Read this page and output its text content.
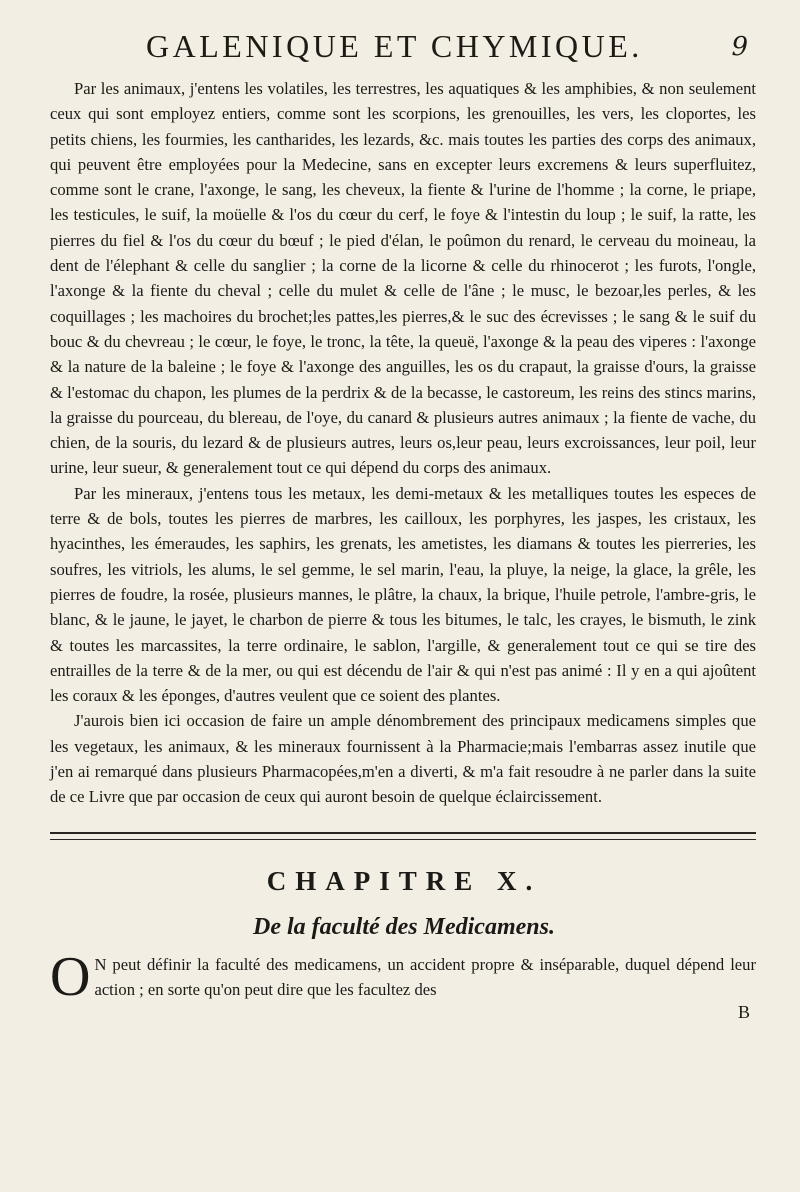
GALENIQUE ET CHYMIQUE.	9

Par les animaux, j'entens les volatiles, les terrestres, les aquatiques & les amphibies, & non seulement ceux qui sont employez entiers, comme sont les scorpions, les grenouilles, les vers, les cloportes, les petits chiens, les fourmies, les cantharides, les lezards, &c. mais toutes les parties des corps des animaux, qui peuvent être employées pour la Medecine, sans en excepter leurs excremens & leurs superfluitez, comme sont le crane, l'axonge, le sang, les cheveux, la fiente & l'urine de l'homme ; la corne, le priape, les testicules, le suif, la moüelle & l'os du cœur du cerf, le foye & l'intestin du loup ; le suif, la ratte, les pierres du fiel & l'os du cœur du bœuf ; le pied d'élan, le poûmon du renard, le cerveau du moineau, la dent de l'élephant & celle du sanglier ; la corne de la licorne & celle du rhinocerot ; les furots, l'ongle, l'axonge & la fiente du cheval ; celle du mulet & celle de l'âne ; le musc, le bezoar,les perles, & les coquillages ; les machoires du brochet;les pattes,les pierres,& le suc des écrevisses ; le sang & le suif du bouc & du chevreau ; le cœur, le foye, le tronc, la tête, la queuë, l'axonge & la peau des viperes : l'axonge & la nature de la baleine ; le foye & l'axonge des anguilles, les os du crapaut, la graisse d'ours, la graisse & l'estomac du chapon, les plumes de la perdrix & de la becasse, le castoreum, les reins des stincs marins, la graisse du pourceau, du blereau, de l'oye, du canard & plusieurs autres animaux ; la fiente de vache, du chien, de la souris, du lezard & de plusieurs autres, leurs os,leur peau, leurs excroissances, leur poil, leur urine, leur sueur, & generalement tout ce qui dépend du corps des animaux.

Par les mineraux, j'entens tous les metaux, les demi-metaux & les metalliques toutes les especes de terre & de bols, toutes les pierres de marbres, les cailloux, les porphyres, les jaspes, les cristaux, les hyacinthes, les émeraudes, les saphirs, les grenats, les ametistes, les diamans & toutes les pierreries, les soufres, les vitriols, les alums, le sel gemme, le sel marin, l'eau, la pluye, la neige, la glace, la grêle, les pierres de foudre, la rosée, plusieurs mannes, le plâtre, la chaux, la brique, l'huile petrole, l'ambre-gris, le blanc, & le jaune, le jayet, le charbon de pierre & tous les bitumes, le talc, les crayes, le bismuth, le zink & toutes les marcassites, la terre ordinaire, le sablon, l'argille, & generalement tout ce qui se tire des entrailles de la terre & de la mer, ou qui est décendu de l'air & qui n'est pas animé : Il y en a qui ajoûtent les coraux & les éponges, d'autres veulent que ce soient des plantes.

J'aurois bien ici occasion de faire un ample dénombrement des principaux medicamens simples que les vegetaux, les animaux, & les mineraux fournissent à la Pharmacie;mais l'embarras assez inutile que j'en ai remarqué dans plusieurs Pharmacopées,m'en a diverti, & m'a fait resoudre à ne parler dans la suite de ce Livre que par occasion de ceux qui auront besoin de quelque éclaircissement.

CHAPITRE X.
De la faculté des Medicamens.

O N peut définir la faculté des medicamens, un accident propre & inséparable, duquel dépend leur action ; en sorte qu'on peut dire que les facultez des

B
